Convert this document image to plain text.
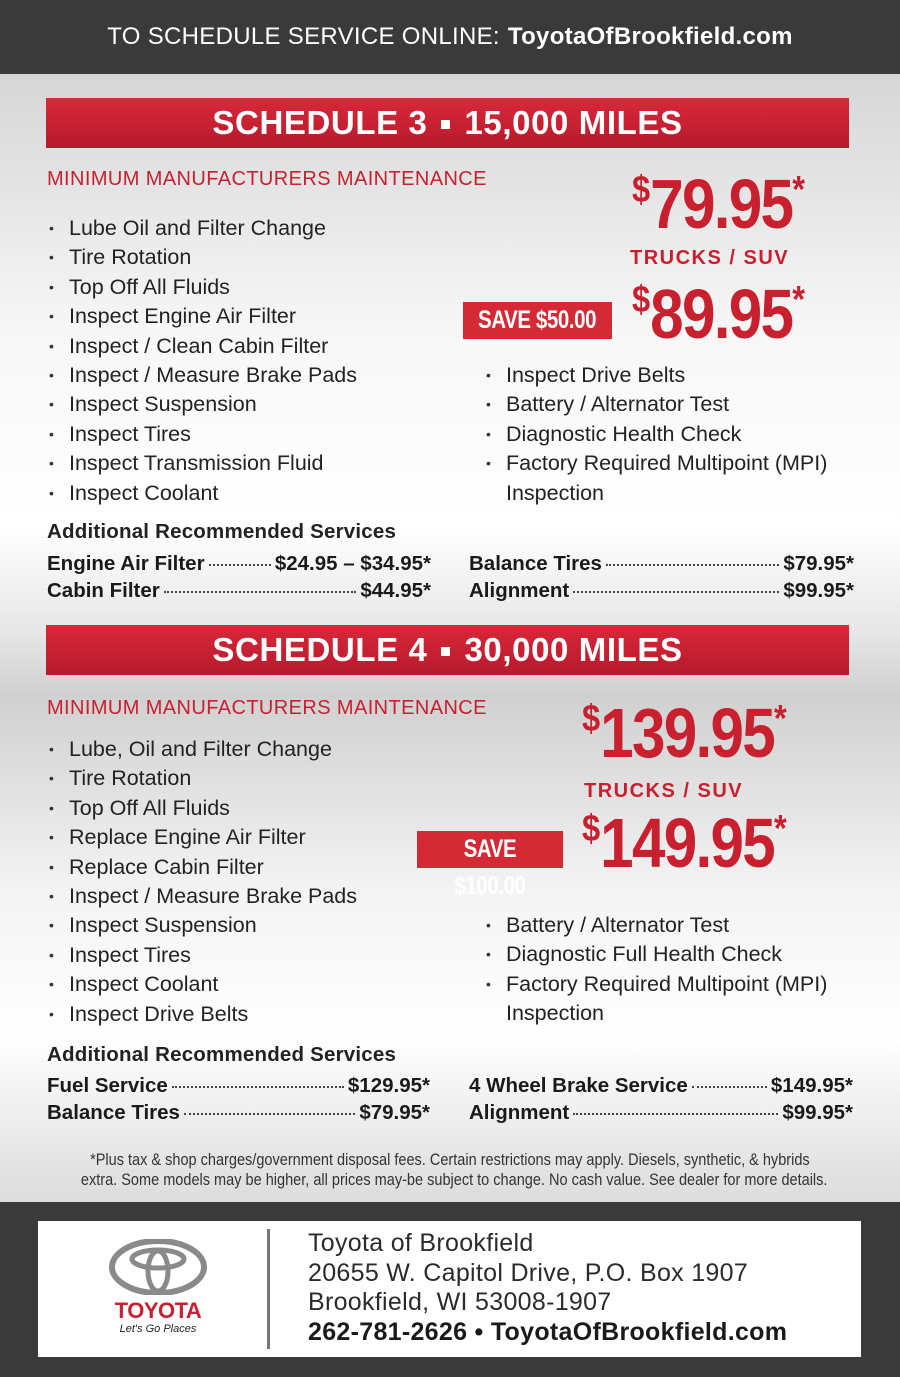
TO SCHEDULE SERVICE ONLINE: ToyotaOfBrookfield.com
SCHEDULE 3 15,000 MILES
MINIMUM MANUFACTURERS MAINTENANCE
• Lube Oil and Filter Change
• Tire Rotation
• Top Off All Fluids
• Inspect Engine Air Filter
• Inspect / Clean Cabin Filter
• Inspect / Measure Brake Pads
• Inspect Suspension
• Inspect Tires
• Inspect Transmission Fluid
• Inspect Coolant
$79.95*
TRUCKS / SUV
SAVE $50.00 $89.95*
• Inspect Drive Belts
• Battery / Alternator Test
• Diagnostic Health Check
• Factory Required Multipoint (MPI) Inspection
Additional Recommended Services
Engine Air Filter	$24.95 – $34.95*
Cabin Filter	$44.95*
Balance Tires	$79.95*
Alignment	$99.95*
SCHEDULE 4 30,000 MILES
MINIMUM MANUFACTURERS MAINTENANCE
• Lube, Oil and Filter Change
• Tire Rotation
• Top Off All Fluids
• Replace Engine Air Filter
• Replace Cabin Filter
• Inspect / Measure Brake Pads
• Inspect Suspension
• Inspect Tires
• Inspect Coolant
• Inspect Drive Belts
$139.95*
TRUCKS / SUV
SAVE $100.00
$149.95*
• Battery / Alternator Test
• Diagnostic Full Health Check
• Factory Required Multipoint (MPI) Inspection
Additional Recommended Services
Fuel Service	$129.95*
Balance Tires	$79.95*
4 Wheel Brake Service	$149.95*
Alignment	$99.95*
*Plus tax & shop charges/government disposal fees. Certain restrictions may apply. Diesels, synthetic, & hybrids
extra. Some models may be higher, all prices may-be subject to change. No cash value. See dealer for more details.
TOYOTA
Let's Go Places
Toyota of Brookfield
20655 W. Capitol Drive, P.O. Box 1907
Brookfield, WI 53008-1907
262-781-2626 • ToyotaOfBrookfield.com
